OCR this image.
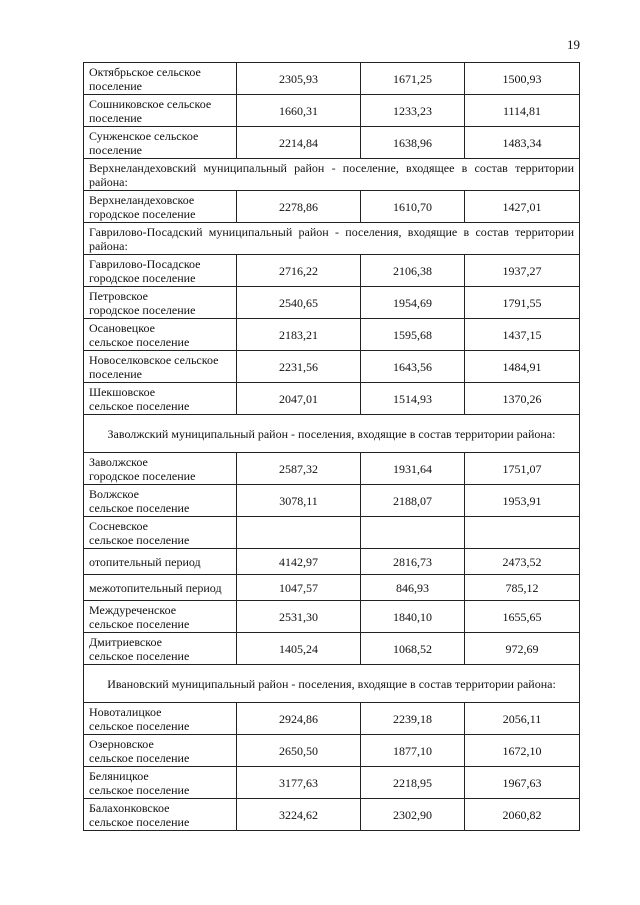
19
Октябрьское сельское
поселение	2305,93	1671,25	1500,93

Сошниковское сельское
поселение	1660,31	1233,23	1114,81

Сунженское сельское
поселение	2214,84	1638,96	1483,34
Верхнеландеховский муниципальный район - поселение, входящее в состав территории района:			

Верхнеландеховское
городское поселение	2278,86	1610,70	1427,01
Гаврилово-Посадский муниципальный район - поселения, входящие в состав территории района:			

Гаврилово-Посадское
городское поселение	2716,22	2106,38	1937,27

Петровское
городское поселение	2540,65	1954,69	1791,55

Осановецкое
сельское поселение	2183,21	1595,68	1437,15

Новоселковское сельское
поселение	2231,56	1643,56	1484,91

Шекшовское
сельское поселение	2047,01	1514,93	1370,26
Заволжский муниципальный район - поселения, входящие в состав территории района:			

Заволжское
городское поселение	2587,32	1931,64	1751,07

Волжское
сельское поселение	3078,11	2188,07	1953,91

Сосневское
сельское поселение			

отопительный период	4142,97	2816,73	2473,52

межотопительный период	1047,57	846,93	785,12

Междуреченское
сельское поселение	2531,30	1840,10	1655,65

Дмитриевское
сельское поселение	1405,24	1068,52	972,69
Ивановский муниципальный район - поселения, входящие в состав территории района:			

Новоталицкое
сельское поселение	2924,86	2239,18	2056,11

Озерновское
сельское поселение	2650,50	1877,10	1672,10

Беляницкое
сельское поселение	3177,63	2218,95	1967,63

Балахонковское
сельское поселение	3224,62	2302,90	2060,82
